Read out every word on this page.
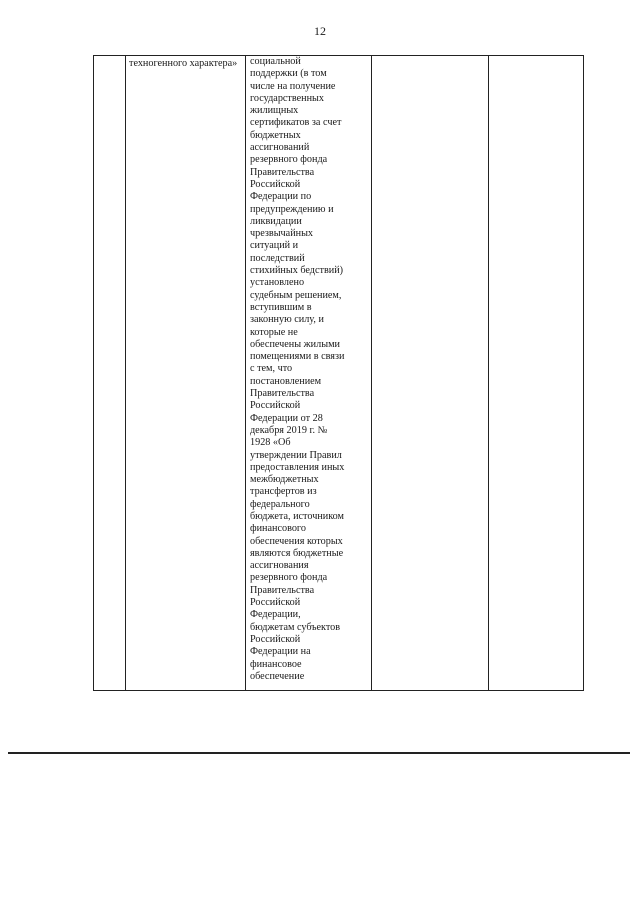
12

техногенного характера»	социальной
поддержки (в том
числе на получение
государственных
жилищных
сертификатов за счет
бюджетных
ассигнований
резервного фонда
Правительства
Российской
Федерации по
предупреждению и
ликвидации
чрезвычайных
ситуаций и
последствий
стихийных бедствий)
установлено
судебным решением,
вступившим в
законную силу, и
которые не
обеспечены жилыми
помещениями в связи
с тем, что
постановлением
Правительства
Российской
Федерации от 28
декабря 2019 г. №
1928 «Об
утверждении Правил
предоставления иных
межбюджетных
трансфертов из
федерального
бюджета, источником
финансового
обеспечения которых
являются бюджетные
ассигнования
резервного фонда
Правительства
Российской
Федерации,
бюджетам субъектов
Российской
Федерации на
финансовое
обеспечение
